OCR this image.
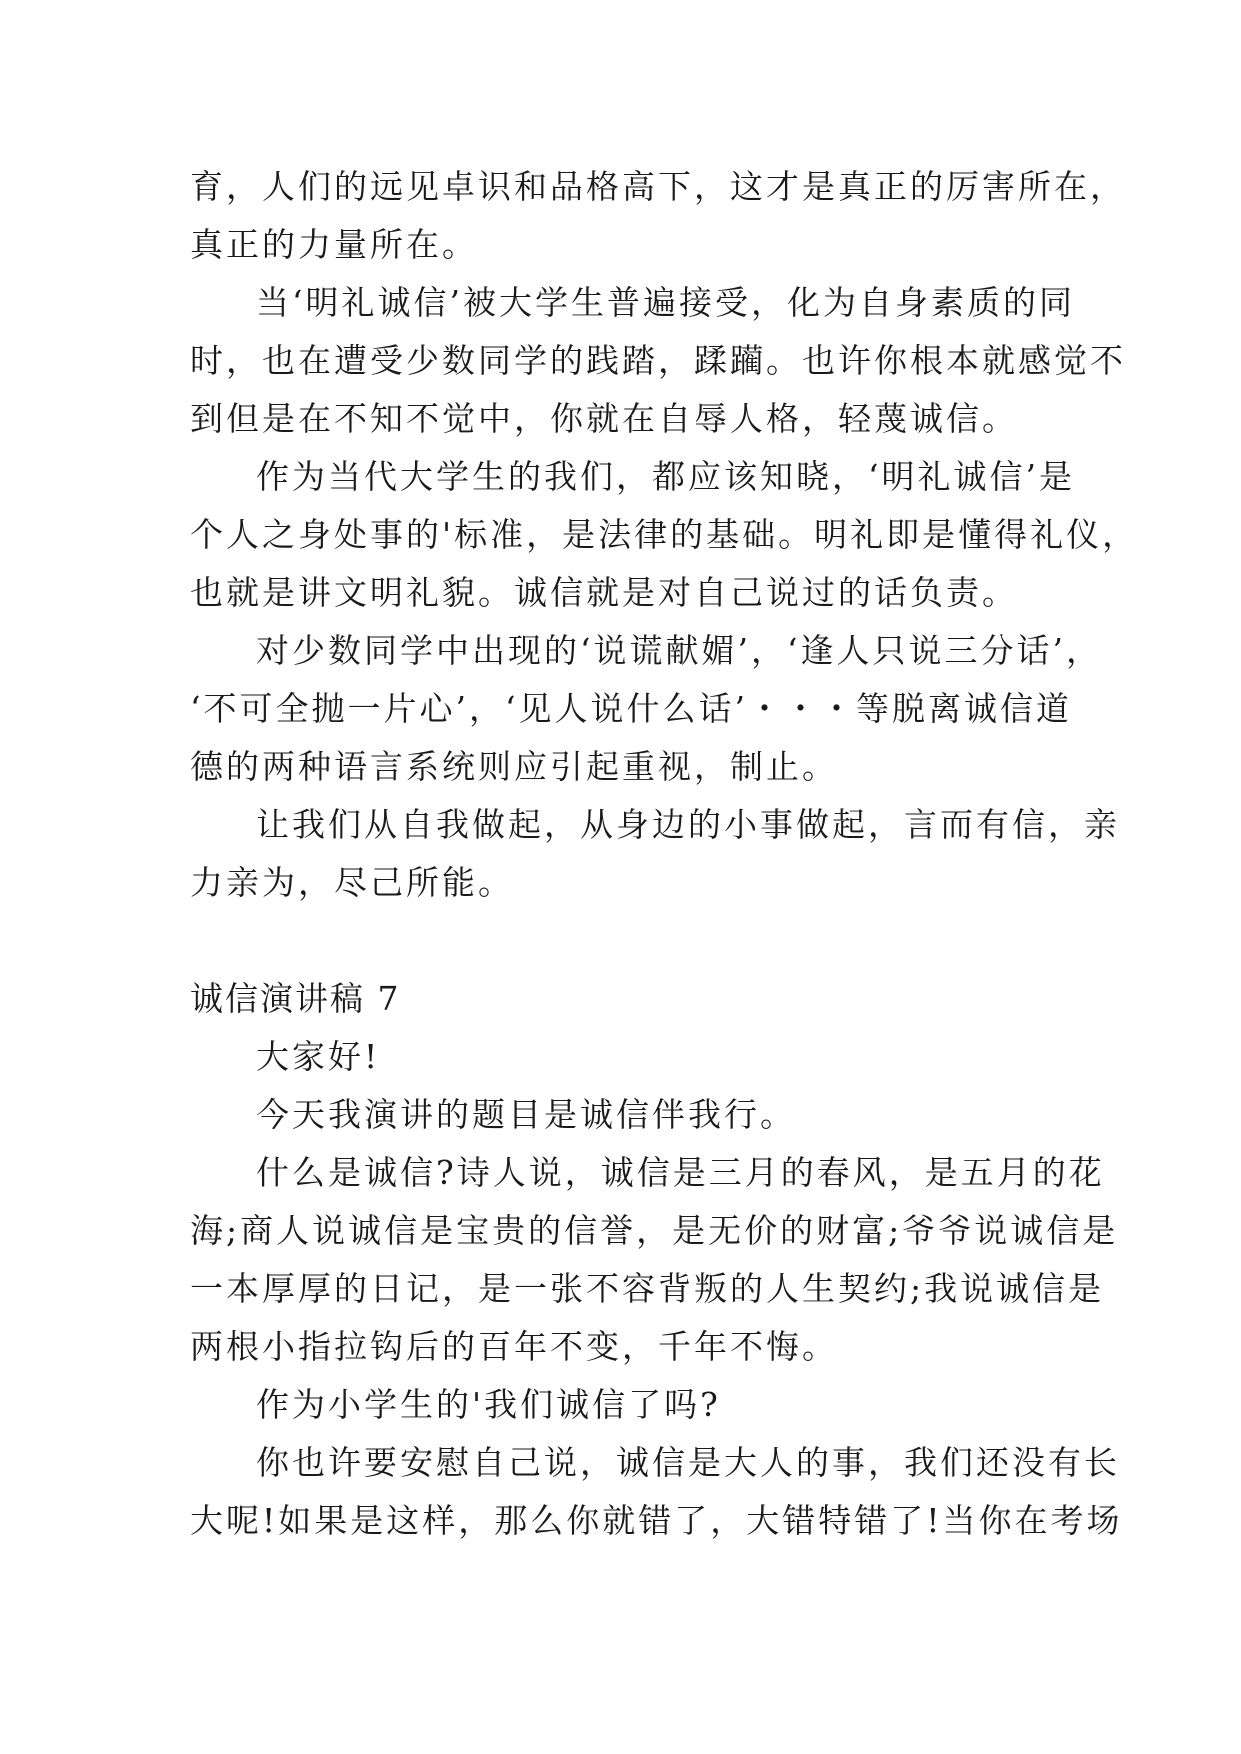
育，人们的远见卓识和品格高下，这才是真正的厉害所在，
真正的力量所在。
当‘明礼诚信’被大学生普遍接受，化为自身素质的同
时，也在遭受少数同学的践踏，蹂躏。也许你根本就感觉不
到但是在不知不觉中，你就在自辱人格，轻蔑诚信。
作为当代大学生的我们，都应该知晓，‘明礼诚信’是
个人之身处事的'标准，是法律的基础。明礼即是懂得礼仪，
也就是讲文明礼貌。诚信就是对自己说过的话负责。
对少数同学中出现的‘说谎献媚’，‘逢人只说三分话’，
‘不可全抛一片心’，‘见人说什么话’・・・等脱离诚信道
德的两种语言系统则应引起重视，制止。
让我们从自我做起，从身边的小事做起，言而有信，亲
力亲为，尽己所能。
诚信演讲稿 7
大家好!
今天我演讲的题目是诚信伴我行。
什么是诚信?诗人说，诚信是三月的春风，是五月的花
海;商人说诚信是宝贵的信誉，是无价的财富;爷爷说诚信是
一本厚厚的日记，是一张不容背叛的人生契约;我说诚信是
两根小指拉钩后的百年不变，千年不悔。
作为小学生的'我们诚信了吗?
你也许要安慰自己说，诚信是大人的事，我们还没有长
大呢!如果是这样，那么你就错了，大错特错了!当你在考场
